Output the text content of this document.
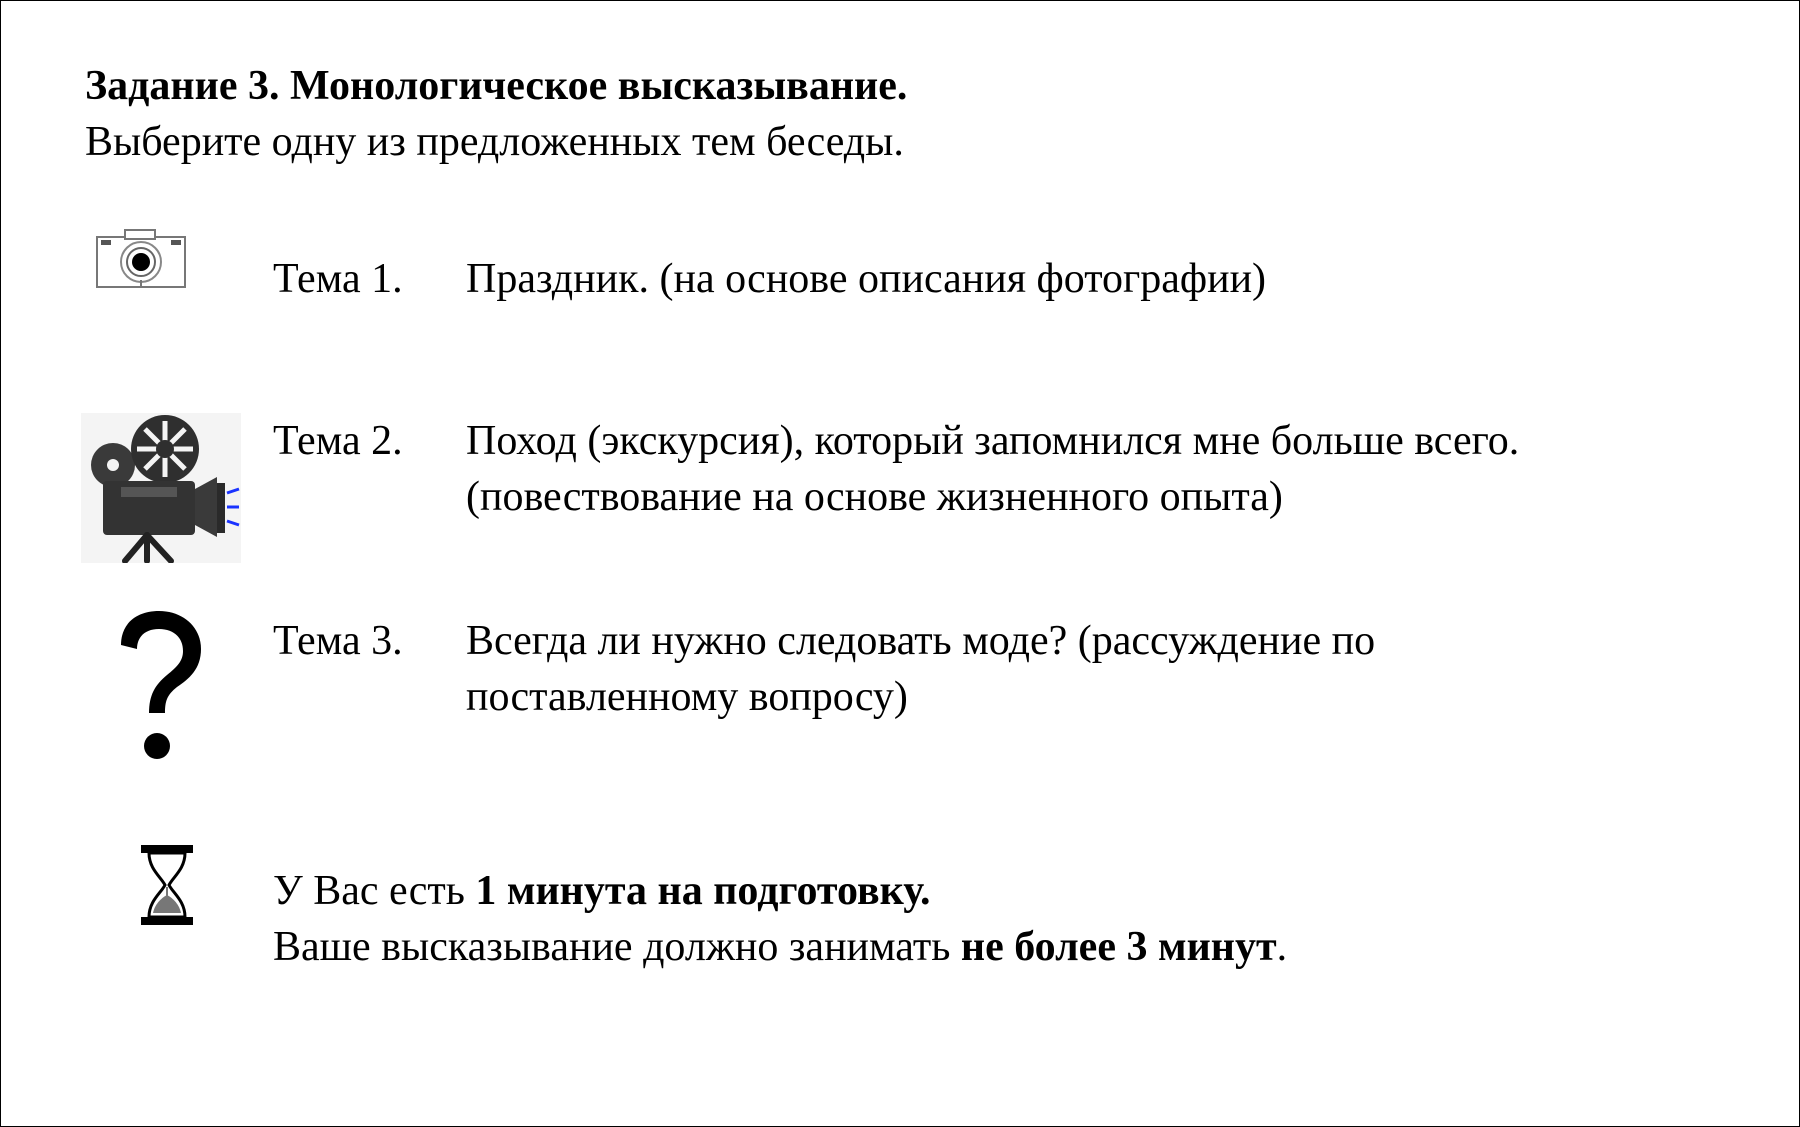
Задание 3. Монологическое высказывание.
Выберите одну из предложенных тем беседы.
Тема 1. Праздник. (на основе описания фотографии)
Тема 2. Поход (экскурсия), который запомнился мне больше всего.
(повествование на основе жизненного опыта)
Тема 3. Всегда ли нужно следовать моде? (рассуждение по
поставленному вопросу)
У Вас есть 1 минута на подготовку.
Ваше высказывание должно занимать не более 3 минут.
